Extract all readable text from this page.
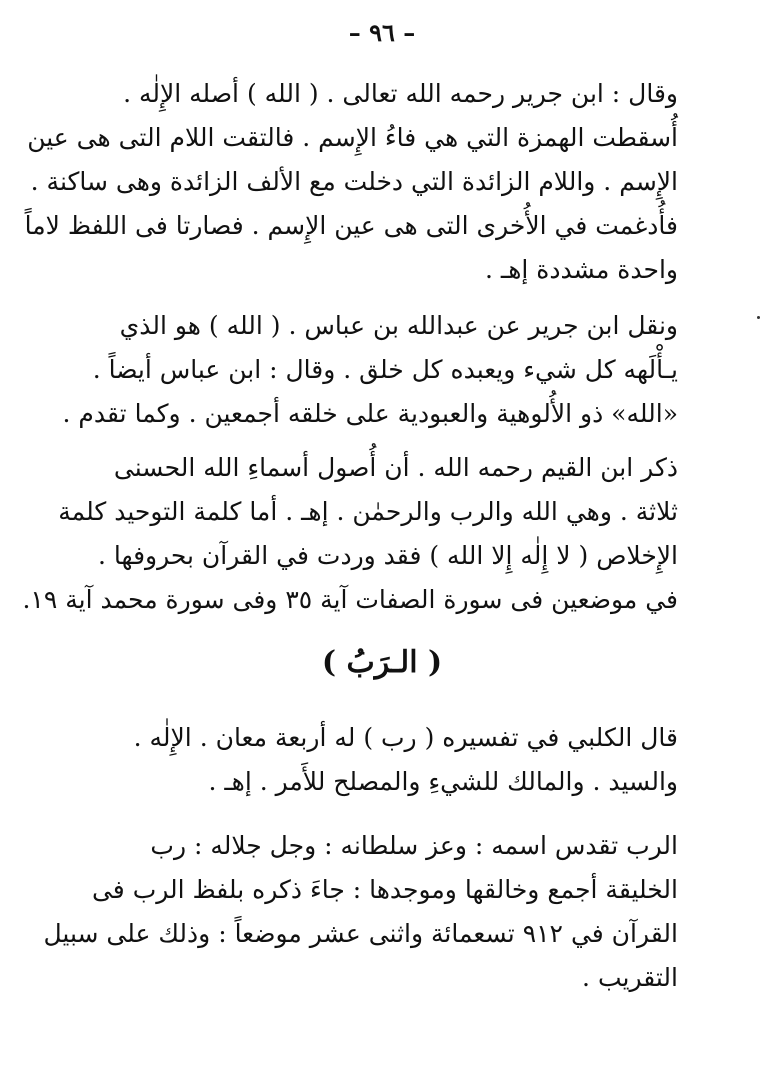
– ٩٦ –
وقال : ابن جرير رحمه الله تعالى . ( الله ) أصله الإِلٰه .
أُسقطت الهمزة التي هي فاءُ الإِسم . فالتقت اللام التى هى عين
الإِسم . واللام الزائدة التي دخلت مع الألف الزائدة وهى ساكنة .
فأُدغمت في الأُخرى التى هى عين الإِسم . فصارتا فى اللفظ لاماً
واحدة مشددة إهـ .
ونقل ابن جرير عن عبدالله بن عباس . ( الله ) هو الذي
يـأْلَهه كل شيء ويعبده كل خلق . وقال : ابن عباس أيضاً .
«الله» ذو الأُلوهية والعبودية على خلقه أجمعين . وكما تقدم .
ذكر ابن القيم رحمه الله . أن أُصول أسماءِ الله الحسنى
ثلاثة . وهي الله والرب والرحمٰن . إهـ . أما كلمة التوحيد كلمة
الإِخلاص ( لا إِلٰه إِلا الله ) فقد وردت في القرآن بحروفها .
في موضعين فى سورة الصفات آية ٣٥ وفى سورة محمد آية ١٩.
( الـرَبُ )
قال الكلبي في تفسيره ( رب ) له أربعة معان . الإِلٰه .
والسيد . والمالك للشيءِ والمصلح للأَمر . إهـ .
الرب تقدس اسمه : وعز سلطانه : وجل جلاله : رب
الخليقة أجمع وخالقها وموجدها : جاءَ ذكره بلفظ الرب فى
القرآن في ٩١٢ تسعمائة واثنى عشر موضعاً : وذلك على سبيل
التقريب .
